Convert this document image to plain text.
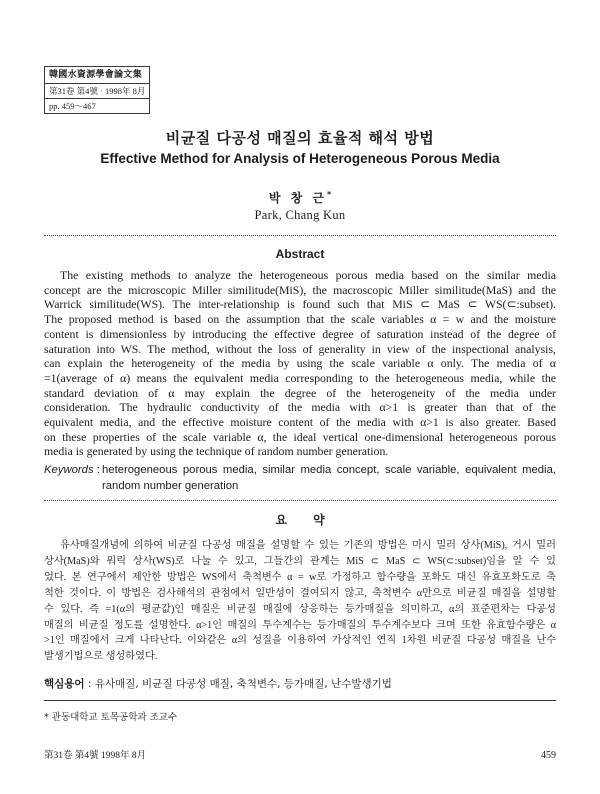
韓國水資源學會論文集
第31卷 第4號 · 1998年 8月
pp. 459～467
비균질 다공성 매질의 효율적 해석 방법
Effective Method for Analysis of Heterogeneous Porous Media
박 창 근*
Park, Chang Kun
Abstract
The existing methods to analyze the heterogeneous porous media based on the similar media
concept are the microscopic Miller similitude(MiS), the macroscopic Miller similitude(MaS) and the
Warrick similitude(WS). The inter-relationship is found such that MiS ⊂ MaS ⊂ WS(⊂:subset).
The proposed method is based on the assumption that the scale variables α = w and the moisture
content is dimensionless by introducing the effective degree of saturation instead of the degree of
saturation into WS. The method, without the loss of generality in view of the inspectional analysis,
can explain the heterogeneity of the media by using the scale variable α only. The media of α
=1(average of α) means the equivalent media corresponding to the heterogeneous media, while the
standard deviation of α may explain the degree of the heterogeneity of the media under
consideration. The hydraulic conductivity of the media with α>1 is greater than that of the
equivalent media, and the effective moisture content of the media with α>1 is also greater. Based
on these properties of the scale variable α, the ideal vertical one-dimensional heterogeneous porous
media is generated by using the technique of random number generation.
Keywords : heterogeneous porous media, similar media concept, scale variable, equivalent media,
random number generation
요 약
유사매질개념에 의하여 비균질 다공성 매질을 설명할 수 있는 기존의 방법은 미시 밀러 상사(MiS), 거시 밀러
상사(MaS)와 워릭 상사(WS)로 나눌 수 있고, 그들간의 관계는 MiS ⊂ MaS ⊂ WS(⊂:subset)임을 알 수 있
었다. 본 연구에서 제안한 방법은 WS에서 축척변수 α = w로 가정하고 함수량을 포화도 대신 유효포화도로 축
척한 것이다. 이 방법은 검사해석의 관점에서 일반성이 결여되지 않고, 축척변수 α만으로 비균질 매질을 설명할
수 있다. 즉 =1(α의 평균값)인 매질은 비균질 매질에 상응하는 등가매질을 의미하고, α의 표준편차는 다공성
매질의 비균질 정도를 설명한다. α>1인 매질의 투수계수는 등가매질의 투수계수보다 크며 또한 유효함수량은 α
>1인 매질에서 크게 나타난다. 이와같은 α의 성질을 이용하여 가상적인 연직 1차원 비균질 다공성 매질을 난수
발생기법으로 생성하였다.
핵심용어 : 유사매질, 비균질 다공성 매질, 축척변수, 등가매질, 난수발생기법
* 관동대학교 토목공학과 조교수
第31卷 第4號 1998年 8月	459
